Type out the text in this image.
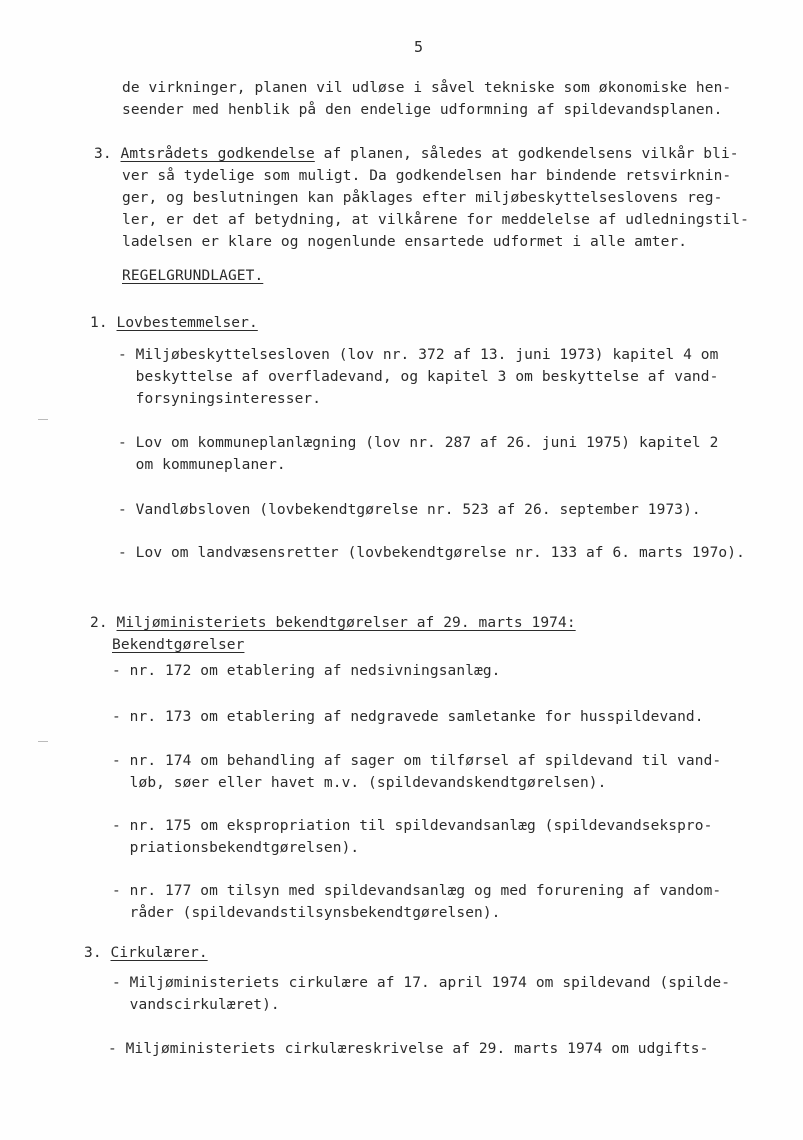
5
de virkninger, planen vil udløse i såvel tekniske som økonomiske hen-
seender med henblik på den endelige udformning af spildevandsplanen.
3. Amtsrådets godkendelse af planen, således at godkendelsens vilkår bli-
ver så tydelige som muligt. Da godkendelsen har bindende retsvirknin-
ger, og beslutningen kan påklages efter miljøbeskyttelseslovens reg-
ler, er det af betydning, at vilkårene for meddelelse af udledningstil-
ladelsen er klare og nogenlunde ensartede udformet i alle amter.
REGELGRUNDLAGET.
1. Lovbestemmelser.
- Miljøbeskyttelsesloven (lov nr. 372 af 13. juni 1973) kapitel 4 om
beskyttelse af overfladevand, og kapitel 3 om beskyttelse af vand-
forsyningsinteresser.
- Lov om kommuneplanlægning (lov nr. 287 af 26. juni 1975) kapitel 2
om kommuneplaner.
- Vandløbsloven (lovbekendtgørelse nr. 523 af 26. september 1973).
- Lov om landvæsensretter (lovbekendtgørelse nr. 133 af 6. marts 197o).
2. Miljøministeriets bekendtgørelser af 29. marts 1974:
Bekendtgørelser
- nr. 172 om etablering af nedsivningsanlæg.
- nr. 173 om etablering af nedgravede samletanke for husspildevand.
- nr. 174 om behandling af sager om tilførsel af spildevand til vand-
løb, søer eller havet m.v. (spildevandskendtgørelsen).
- nr. 175 om ekspropriation til spildevandsanlæg (spildevandsekspro-
priationsbekendtgørelsen).
- nr. 177 om tilsyn med spildevandsanlæg og med forurening af vandom-
råder (spildevandstilsynsbekendtgørelsen).
3. Cirkulærer.
- Miljøministeriets cirkulære af 17. april 1974 om spildevand (spilde-
vandscirkulæret).
- Miljøministeriets cirkulæreskrivelse af 29. marts 1974 om udgifts-
